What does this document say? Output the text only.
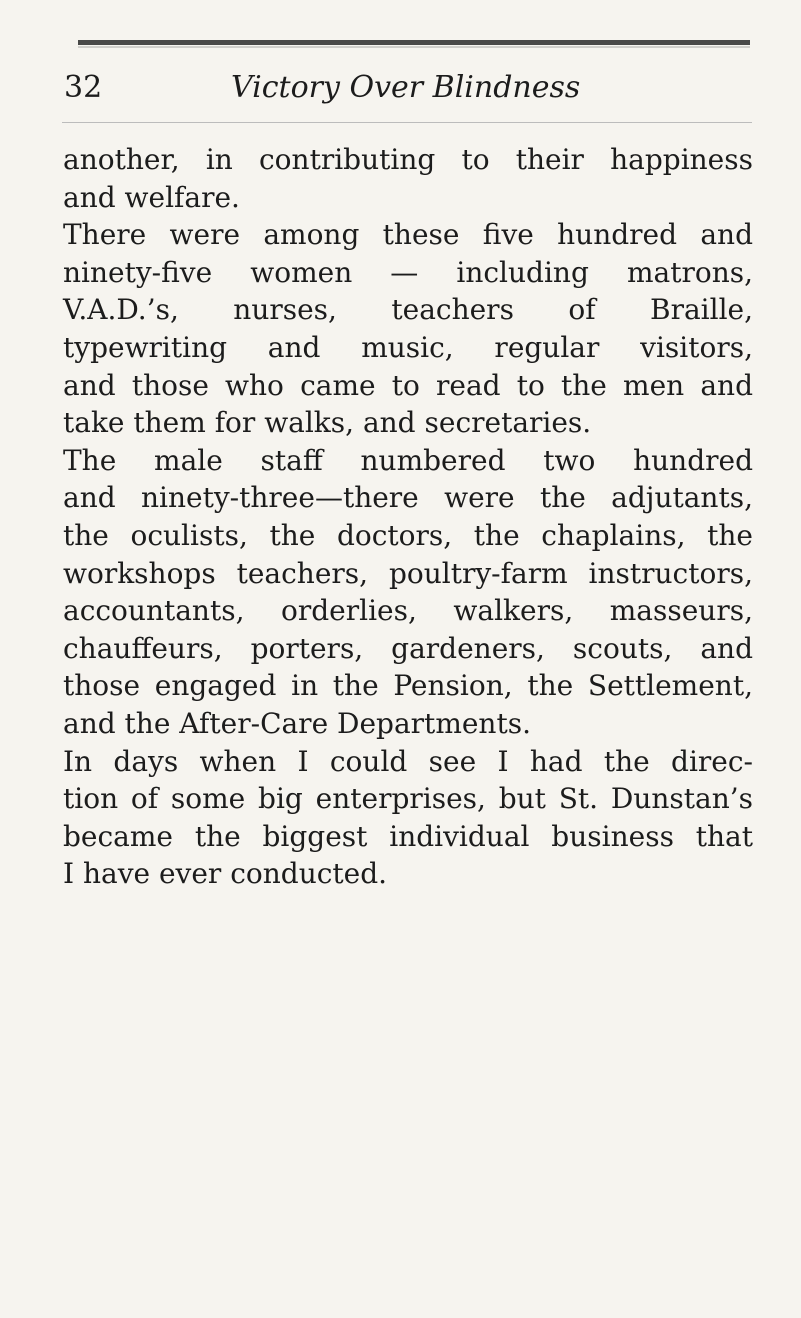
32	Victory Over Blindness
another, in contributing to their happiness
and welfare.
There were among these five hundred and
ninety-five women — including matrons,
V.A.D.’s, nurses, teachers of Braille,
typewriting and music, regular visitors,
and those who came to read to the men and
take them for walks, and secretaries.
The male staff numbered two hundred
and ninety-three—there were the adjutants,
the oculists, the doctors, the chaplains, the
workshops teachers, poultry-farm instructors,
accountants, orderlies, walkers, masseurs,
chauffeurs, porters, gardeners, scouts, and
those engaged in the Pension, the Settlement,
and the After-Care Departments.
In days when I could see I had the direc-
tion of some big enterprises, but St. Dunstan’s
became the biggest individual business that
I have ever conducted.
